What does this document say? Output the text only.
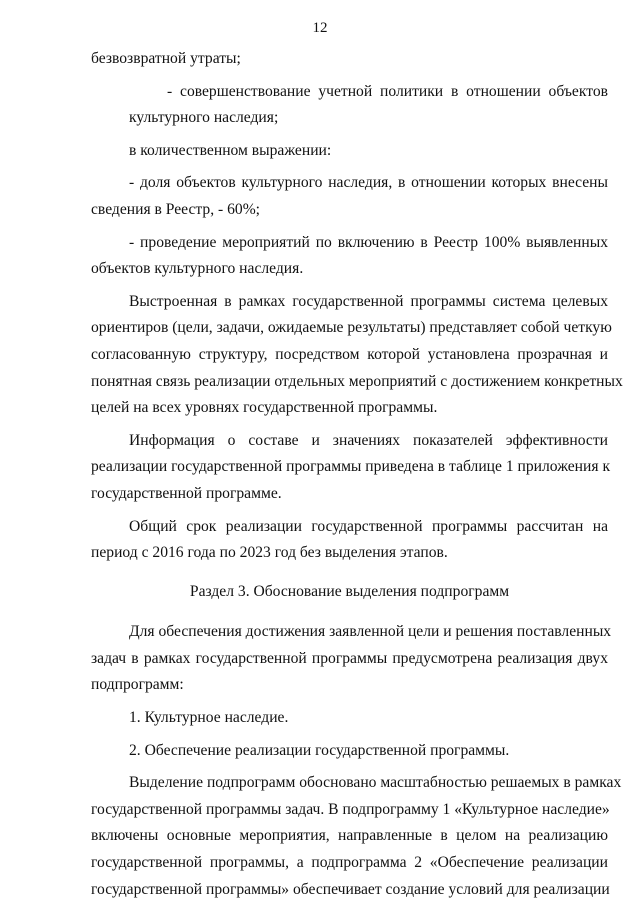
12

безвозвратной утраты;

- совершенствование учетной политики в отношении объектов
культурного наследия;

в количественном выражении:

- доля объектов культурного наследия, в отношении которых внесены
сведения в Реестр, - 60%;

- проведение мероприятий по включению в Реестр 100% выявленных
объектов культурного наследия.

Выстроенная в рамках государственной программы система целевых
ориентиров (цели, задачи, ожидаемые результаты) представляет собой четкую
согласованную структуру, посредством которой установлена прозрачная и
понятная связь реализации отдельных мероприятий с достижением конкретных
целей на всех уровнях государственной программы.

Информация о составе и значениях показателей эффективности
реализации государственной программы приведена в таблице 1 приложения к
государственной программе.

Общий срок реализации государственной программы рассчитан на
период с 2016 года по 2023 год без выделения этапов.

Раздел 3. Обоснование выделения подпрограмм

Для обеспечения достижения заявленной цели и решения поставленных
задач в рамках государственной программы предусмотрена реализация двух
подпрограмм:

1. Культурное наследие.

2. Обеспечение реализации государственной программы.

Выделение подпрограмм обосновано масштабностью решаемых в рамках
государственной программы задач. В подпрограмму 1 «Культурное наследие»
включены основные мероприятия, направленные в целом на реализацию
государственной программы, а подпрограмма 2 «Обеспечение реализации
государственной программы» обеспечивает создание условий для реализации
